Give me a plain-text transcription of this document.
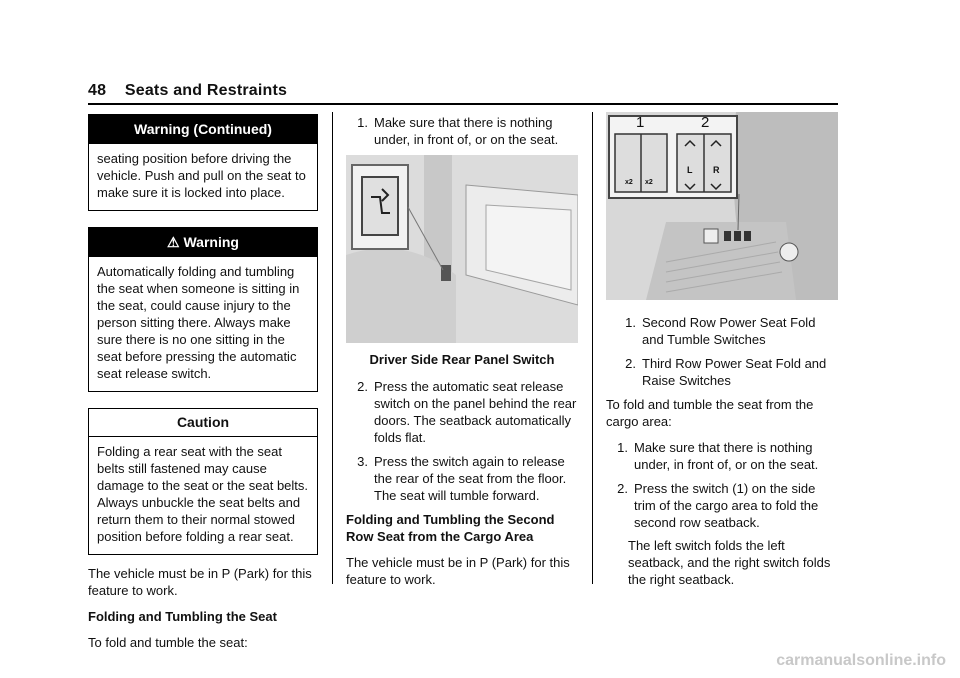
48 Seats and Restraints
Warning (Continued)
seating position before driving the vehicle. Push and pull on the seat to make sure it is locked into place.
⚠ Warning
Automatically folding and tumbling the seat when someone is sitting in the seat, could cause injury to the person sitting there. Always make sure there is no one sitting in the seat before pressing the automatic seat release switch.
Caution
Folding a rear seat with the seat belts still fastened may cause damage to the seat or the seat belts. Always unbuckle the seat belts and return them to their normal stowed position before folding a rear seat.

The vehicle must be in P (Park) for this feature to work.

Folding and Tumbling the Seat

To fold and tumble the seat:

1. Make sure that there is nothing under, in front of, or on the seat.
Driver Side Rear Panel Switch
2. Press the automatic seat release switch on the panel behind the rear doors. The seatback automatically folds flat.
3. Press the switch again to release the rear of the seat from the floor. The seat will tumble forward.

Folding and Tumbling the Second Row Seat from the Cargo Area

The vehicle must be in P (Park) for this feature to work.

1	2
x2 x2
L R
1. Second Row Power Seat Fold and Tumble Switches
2. Third Row Power Seat Fold and Raise Switches

To fold and tumble the seat from the cargo area:

1. Make sure that there is nothing under, in front of, or on the seat.
2. Press the switch (1) on the side trim of the cargo area to fold the second row seatback.

The left switch folds the left seatback, and the right switch folds the right seatback.

carmanualsonline.info
